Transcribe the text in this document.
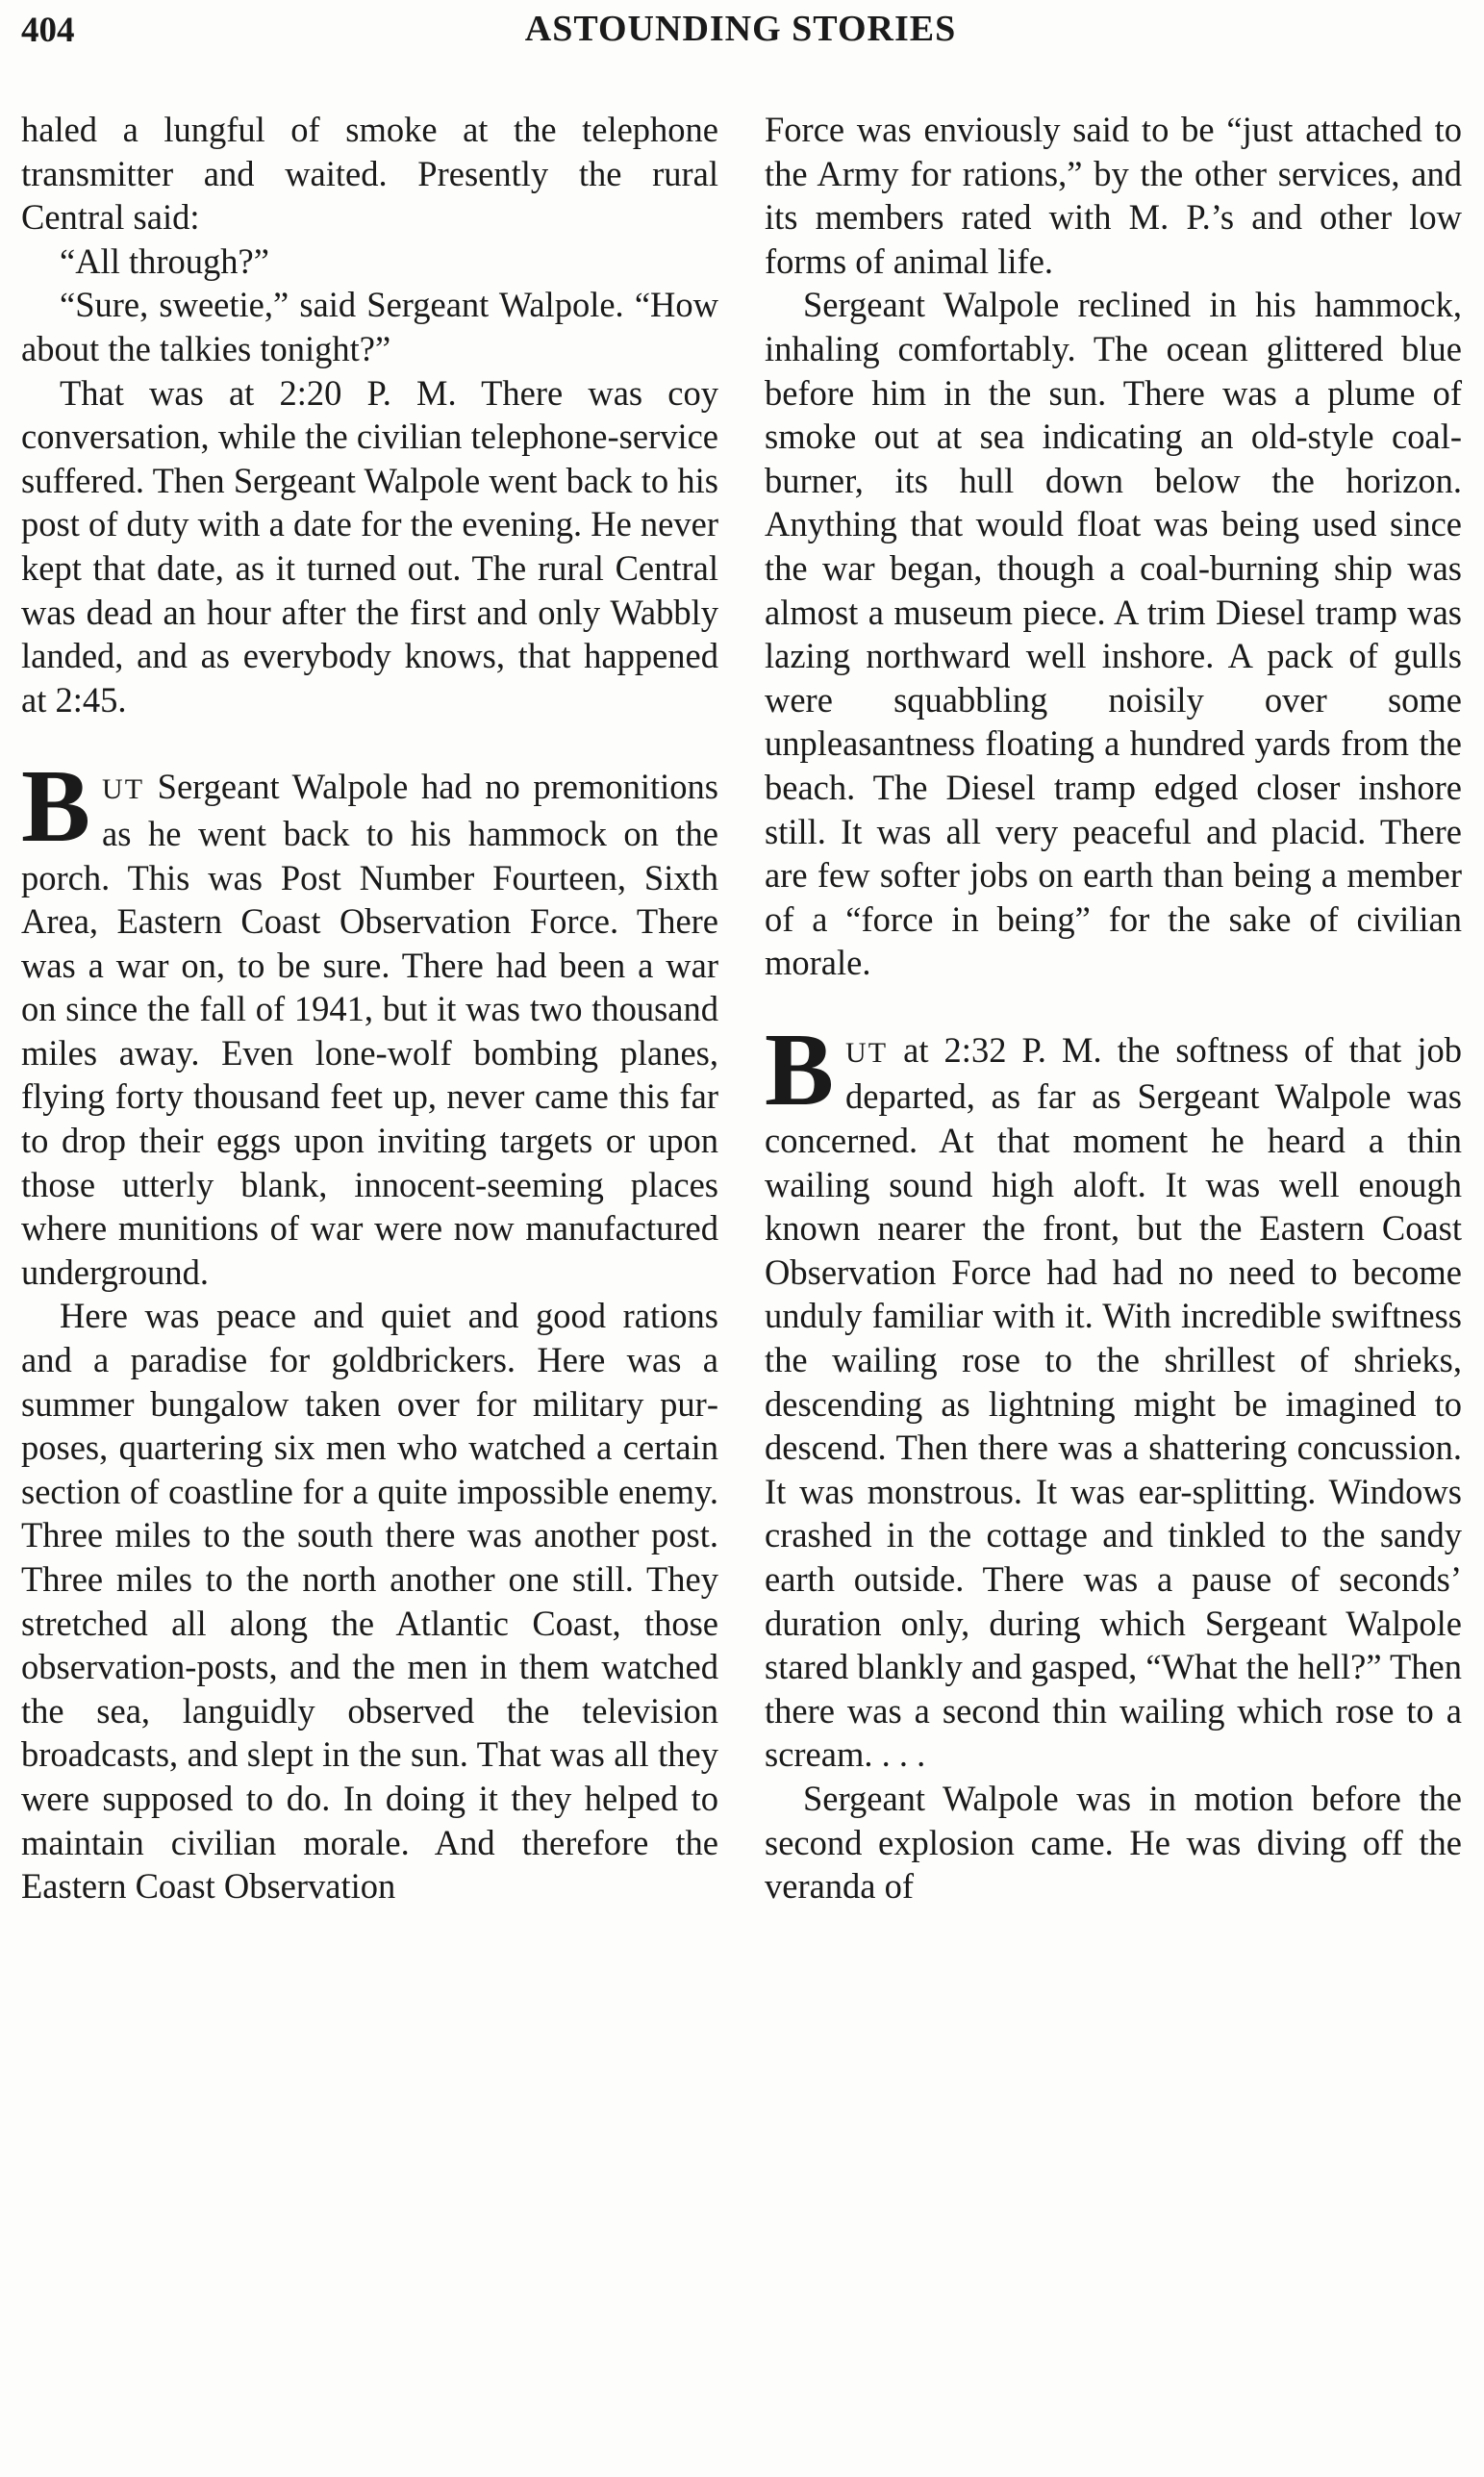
404	ASTOUNDING STORIES

haled a lungful of smoke at the telephone transmitter and waited. Presently the rural Central said:

“All through?”

“Sure, sweetie,” said Sergeant Walpole. “How about the talkies tonight?”

That was at 2:20 P. M. There was coy conversation, while the civilian telephone-service suffered. Then Sergeant Walpole went back to his post of duty with a date for the evening. He never kept that date, as it turned out. The rural Central was dead an hour after the first and only Wabbly landed, and as everybody knows, that happened at 2:45.

BUT Sergeant Walpole had no premonitions as he went back to his hammock on the porch. This was Post Number Fourteen, Sixth Area, Eastern Coast Observation Force. There was a war on, to be sure. There had been a war on since the fall of 1941, but it was two thousand miles away. Even lone-wolf bombing planes, flying forty thousand feet up, never came this far to drop their eggs upon inviting targets or upon those utterly blank, innocent-seeming places where munitions of war were now manufactured underground.

Here was peace and quiet and good rations and a paradise for goldbrickers. Here was a summer bungalow taken over for military purposes, quartering six men who watched a certain section of coastline for a quite impossible enemy. Three miles to the south there was another post. Three miles to the north another one still. They stretched all along the Atlantic Coast, those observation-posts, and the men in them watched the sea, languidly observed the television broadcasts, and slept in the sun. That was all they were supposed to do. In doing it they helped to maintain civilian morale. And therefore the Eastern Coast Observation

Force was enviously said to be “just attached to the Army for rations,” by the other services, and its members rated with M. P.’s and other low forms of animal life.

Sergeant Walpole reclined in his hammock, inhaling comfortably. The ocean glittered blue before him in the sun. There was a plume of smoke out at sea indicating an old-style coal-burner, its hull down below the horizon. Anything that would float was being used since the war began, though a coal-burning ship was almost a museum piece. A trim Diesel tramp was lazing northward well inshore. A pack of gulls were squabbling noisily over some unpleasantness floating a hundred yards from the beach. The Diesel tramp edged closer inshore still. It was all very peaceful and placid. There are few softer jobs on earth than being a member of a “force in being” for the sake of civilian morale.

BUT at 2:32 P. M. the softness of that job departed, as far as Sergeant Walpole was concerned. At that moment he heard a thin wailing sound high aloft. It was well enough known nearer the front, but the Eastern Coast Observation Force had had no need to become unduly familiar with it. With incredible swiftness the wailing rose to the shrillest of shrieks, descending as lightning might be imagined to descend. Then there was a shattering concussion. It was monstrous. It was ear-splitting. Windows crashed in the cottage and tinkled to the sandy earth outside. There was a pause of seconds’ duration only, during which Sergeant Walpole stared blankly and gasped, “What the hell?” Then there was a second thin wailing which rose to a scream. . . .

Sergeant Walpole was in motion before the second explosion came. He was diving off the veranda of
